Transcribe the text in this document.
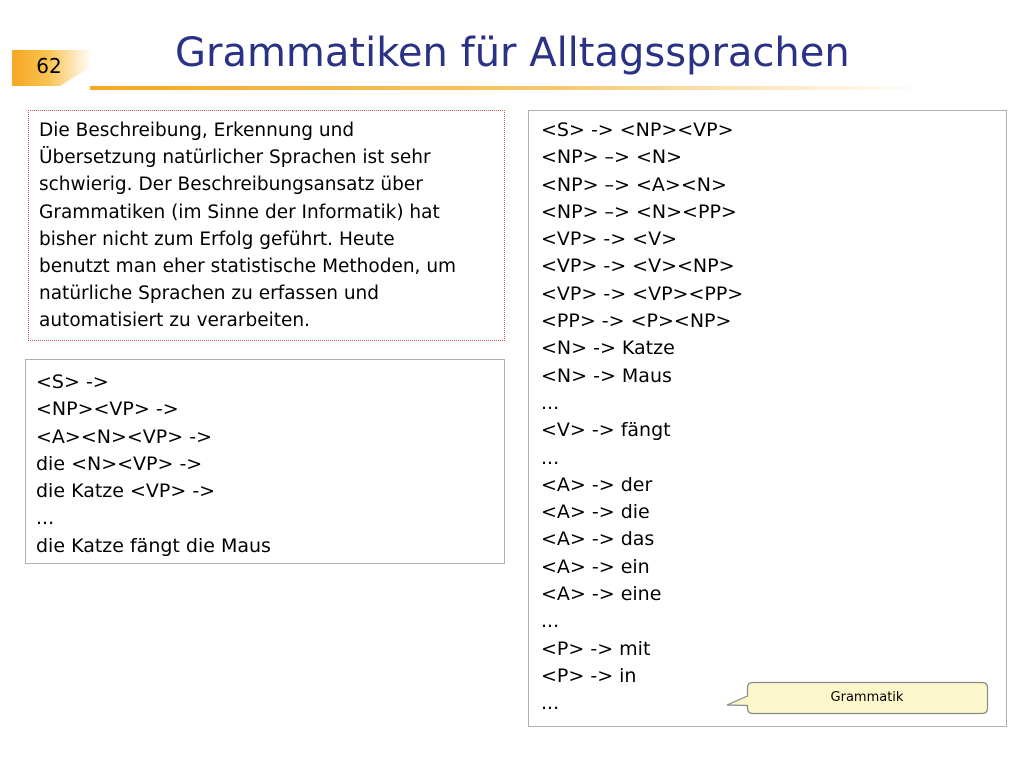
62	Grammatiken für Alltagssprachen
Die Beschreibung, Erkennung und
Übersetzung natürlicher Sprachen ist sehr
schwierig. Der Beschreibungsansatz über
Grammatiken (im Sinne der Informatik) hat
bisher nicht zum Erfolg geführt. Heute
benutzt man eher statistische Methoden, um
natürliche Sprachen zu erfassen und
automatisiert zu verarbeiten.
<S> ->
<NP><VP> ->
<A><N><VP> ->
die <N><VP> ->
die Katze <VP> ->
...
die Katze fängt die Maus
<S> -> <NP><VP>
<NP> –> <N>
<NP> –> <A><N>
<NP> –> <N><PP>
<VP> -> <V>
<VP> -> <V><NP>
<VP> -> <VP><PP>
<PP> -> <P><NP>
<N> -> Katze
<N> -> Maus
...
<V> -> fängt
...
<A> -> der
<A> -> die
<A> -> das
<A> -> ein
<A> -> eine
...
<P> -> mit
<P> -> in
...	Grammatik
